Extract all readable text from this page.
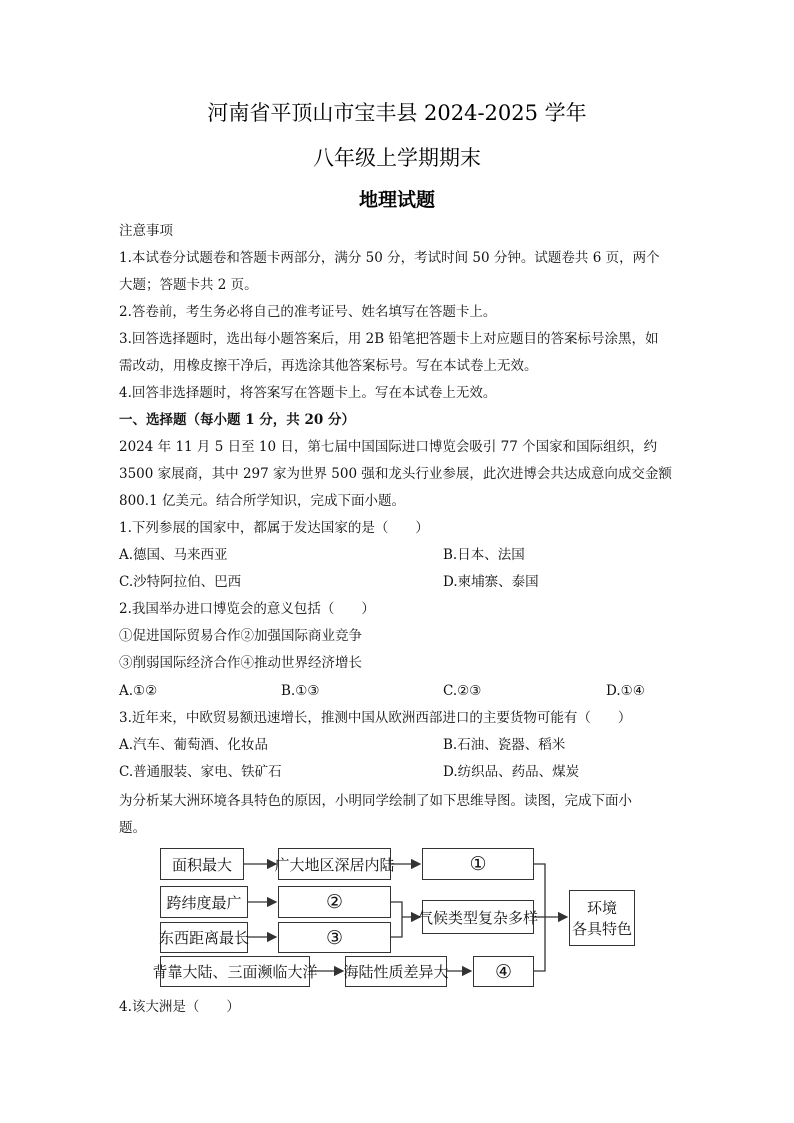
河南省平顶山市宝丰县 2024-2025 学年
八年级上学期期末
地理试题
注意事项
1.本试卷分试题卷和答题卡两部分，满分 50 分，考试时间 50 分钟。试题卷共 6 页，两个
大题；答题卡共 2 页。
2.答卷前，考生务必将自己的准考证号、姓名填写在答题卡上。
3.回答选择题时，选出每小题答案后，用 2B 铅笔把答题卡上对应题目的答案标号涂黑，如
需改动，用橡皮擦干净后，再选涂其他答案标号。写在本试卷上无效。
4.回答非选择题时，将答案写在答题卡上。写在本试卷上无效。
一、选择题（每小题 1 分，共 20 分）
2024 年 11 月 5 日至 10 日，第七届中国国际进口博览会吸引 77 个国家和国际组织，约
3500 家展商，其中 297 家为世界 500 强和龙头行业参展，此次进博会共达成意向成交金额
800.1 亿美元。结合所学知识，完成下面小题。
1.下列参展的国家中，都属于发达国家的是（　　）
A.德国、马来西亚	B.日本、法国
C.沙特阿拉伯、巴西	D.柬埔寨、泰国
2.我国举办进口博览会的意义包括（　　）
①促进国际贸易合作②加强国际商业竞争
③削弱国际经济合作④推动世界经济增长
A.①②	B.①③	C.②③	D.①④
3.近年来，中欧贸易额迅速增长，推测中国从欧洲西部进口的主要货物可能有（　　）
A.汽车、葡萄酒、化妆品	B.石油、瓷器、稻米
C.普通服装、家电、铁矿石	D.纺织品、药品、煤炭
为分析某大洲环境各具特色的原因，小明同学绘制了如下思维导图。读图，完成下面小
题。
面积最大	广大地区深居内陆	①
跨纬度最广	②
东西距离最长	③
气候类型复杂多样
环境
各具特色
背靠大陆、三面濒临大洋 海陆性质差异大 ④
4.该大洲是（　　）
